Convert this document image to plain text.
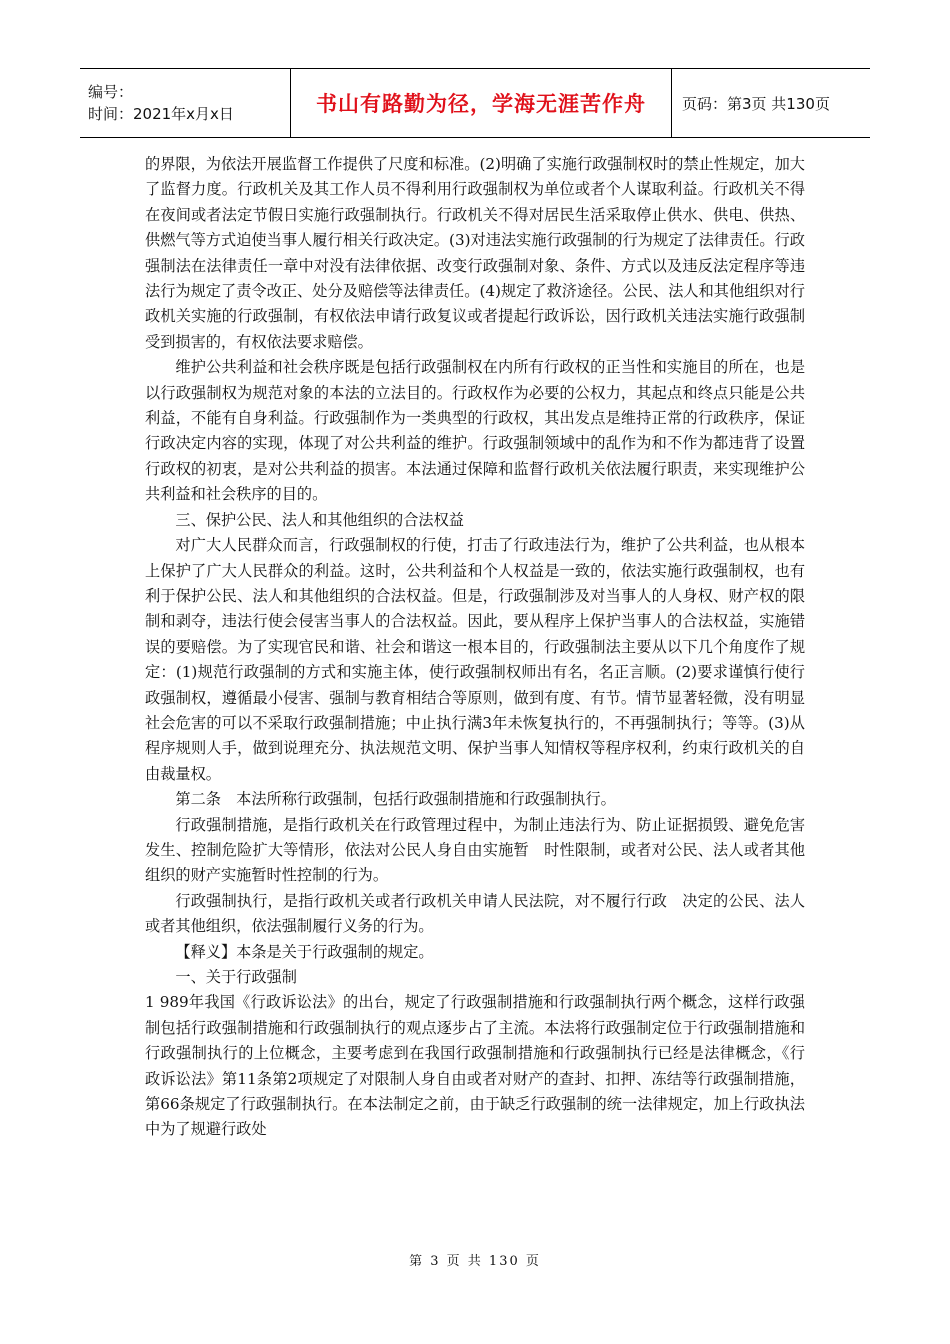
编号：
时间：2021年x月x日	书山有路勤为径，学海无涯苦作舟 页码：第3页 共130页

的界限，为依法开展监督工作提供了尺度和标准。(2)明确了实施行政强制权时的禁止性规定，加大了监督力度。行政机关及其工作人员不得利用行政强制权为单位或者个人谋取利益。行政机关不得在夜间或者法定节假日实施行政强制执行。行政机关不得对居民生活采取停止供水、供电、供热、供燃气等方式迫使当事人履行相关行政决定。(3)对违法实施行政强制的行为规定了法律责任。行政强制法在法律责任一章中对没有法律依据、改变行政强制对象、条件、方式以及违反法定程序等违法行为规定了责令改正、处分及赔偿等法律责任。(4)规定了救济途径。公民、法人和其他组织对行政机关实施的行政强制，有权依法申请行政复议或者提起行政诉讼，因行政机关违法实施行政强制受到损害的，有权依法要求赔偿。

维护公共利益和社会秩序既是包括行政强制权在内所有行政权的正当性和实施目的所在，也是以行政强制权为规范对象的本法的立法目的。行政权作为必要的公权力，其起点和终点只能是公共利益，不能有自身利益。行政强制作为一类典型的行政权，其出发点是维持正常的行政秩序，保证行政决定内容的实现，体现了对公共利益的维护。行政强制领域中的乱作为和不作为都违背了设置行政权的初衷，是对公共利益的损害。本法通过保障和监督行政机关依法履行职责，来实现维护公共利益和社会秩序的目的。

三、保护公民、法人和其他组织的合法权益

对广大人民群众而言，行政强制权的行使，打击了行政违法行为，维护了公共利益，也从根本上保护了广大人民群众的利益。这时，公共利益和个人权益是一致的，依法实施行政强制权，也有利于保护公民、法人和其他组织的合法权益。但是，行政强制涉及对当事人的人身权、财产权的限制和剥夺，违法行使会侵害当事人的合法权益。因此，要从程序上保护当事人的合法权益，实施错误的要赔偿。为了实现官民和谐、社会和谐这一根本目的，行政强制法主要从以下几个角度作了规定：(1)规范行政强制的方式和实施主体，使行政强制权师出有名，名正言顺。(2)要求谨慎行使行政强制权，遵循最小侵害、强制与教育相结合等原则，做到有度、有节。情节显著轻微，没有明显社会危害的可以不采取行政强制措施；中止执行满3年未恢复执行的，不再强制执行；等等。(3)从程序规则人手，做到说理充分、执法规范文明、保护当事人知情权等程序权利，约束行政机关的自由裁量权。

第二条　本法所称行政强制，包括行政强制措施和行政强制执行。

行政强制措施，是指行政机关在行政管理过程中，为制止违法行为、防止证据损毁、避免危害发生、控制危险扩大等情形，依法对公民人身自由实施暂　时性限制，或者对公民、法人或者其他组织的财产实施暂时性控制的行为。

行政强制执行，是指行政机关或者行政机关申请人民法院，对不履行行政　决定的公民、法人或者其他组织，依法强制履行义务的行为。

【释义】本条是关于行政强制的规定。

一、关于行政强制

1 989年我国《行政诉讼法》的出台，规定了行政强制措施和行政强制执行两个概念，这样行政强制包括行政强制措施和行政强制执行的观点逐步占了主流。本法将行政强制定位于行政强制措施和行政强制执行的上位概念，主要考虑到在我国行政强制措施和行政强制执行已经是法律概念，《行政诉讼法》第11条第2项规定了对限制人身自由或者对财产的查封、扣押、冻结等行政强制措施，第66条规定了行政强制执行。在本法制定之前，由于缺乏行政强制的统一法律规定，加上行政执法中为了规避行政处

第 3 页 共 130 页
